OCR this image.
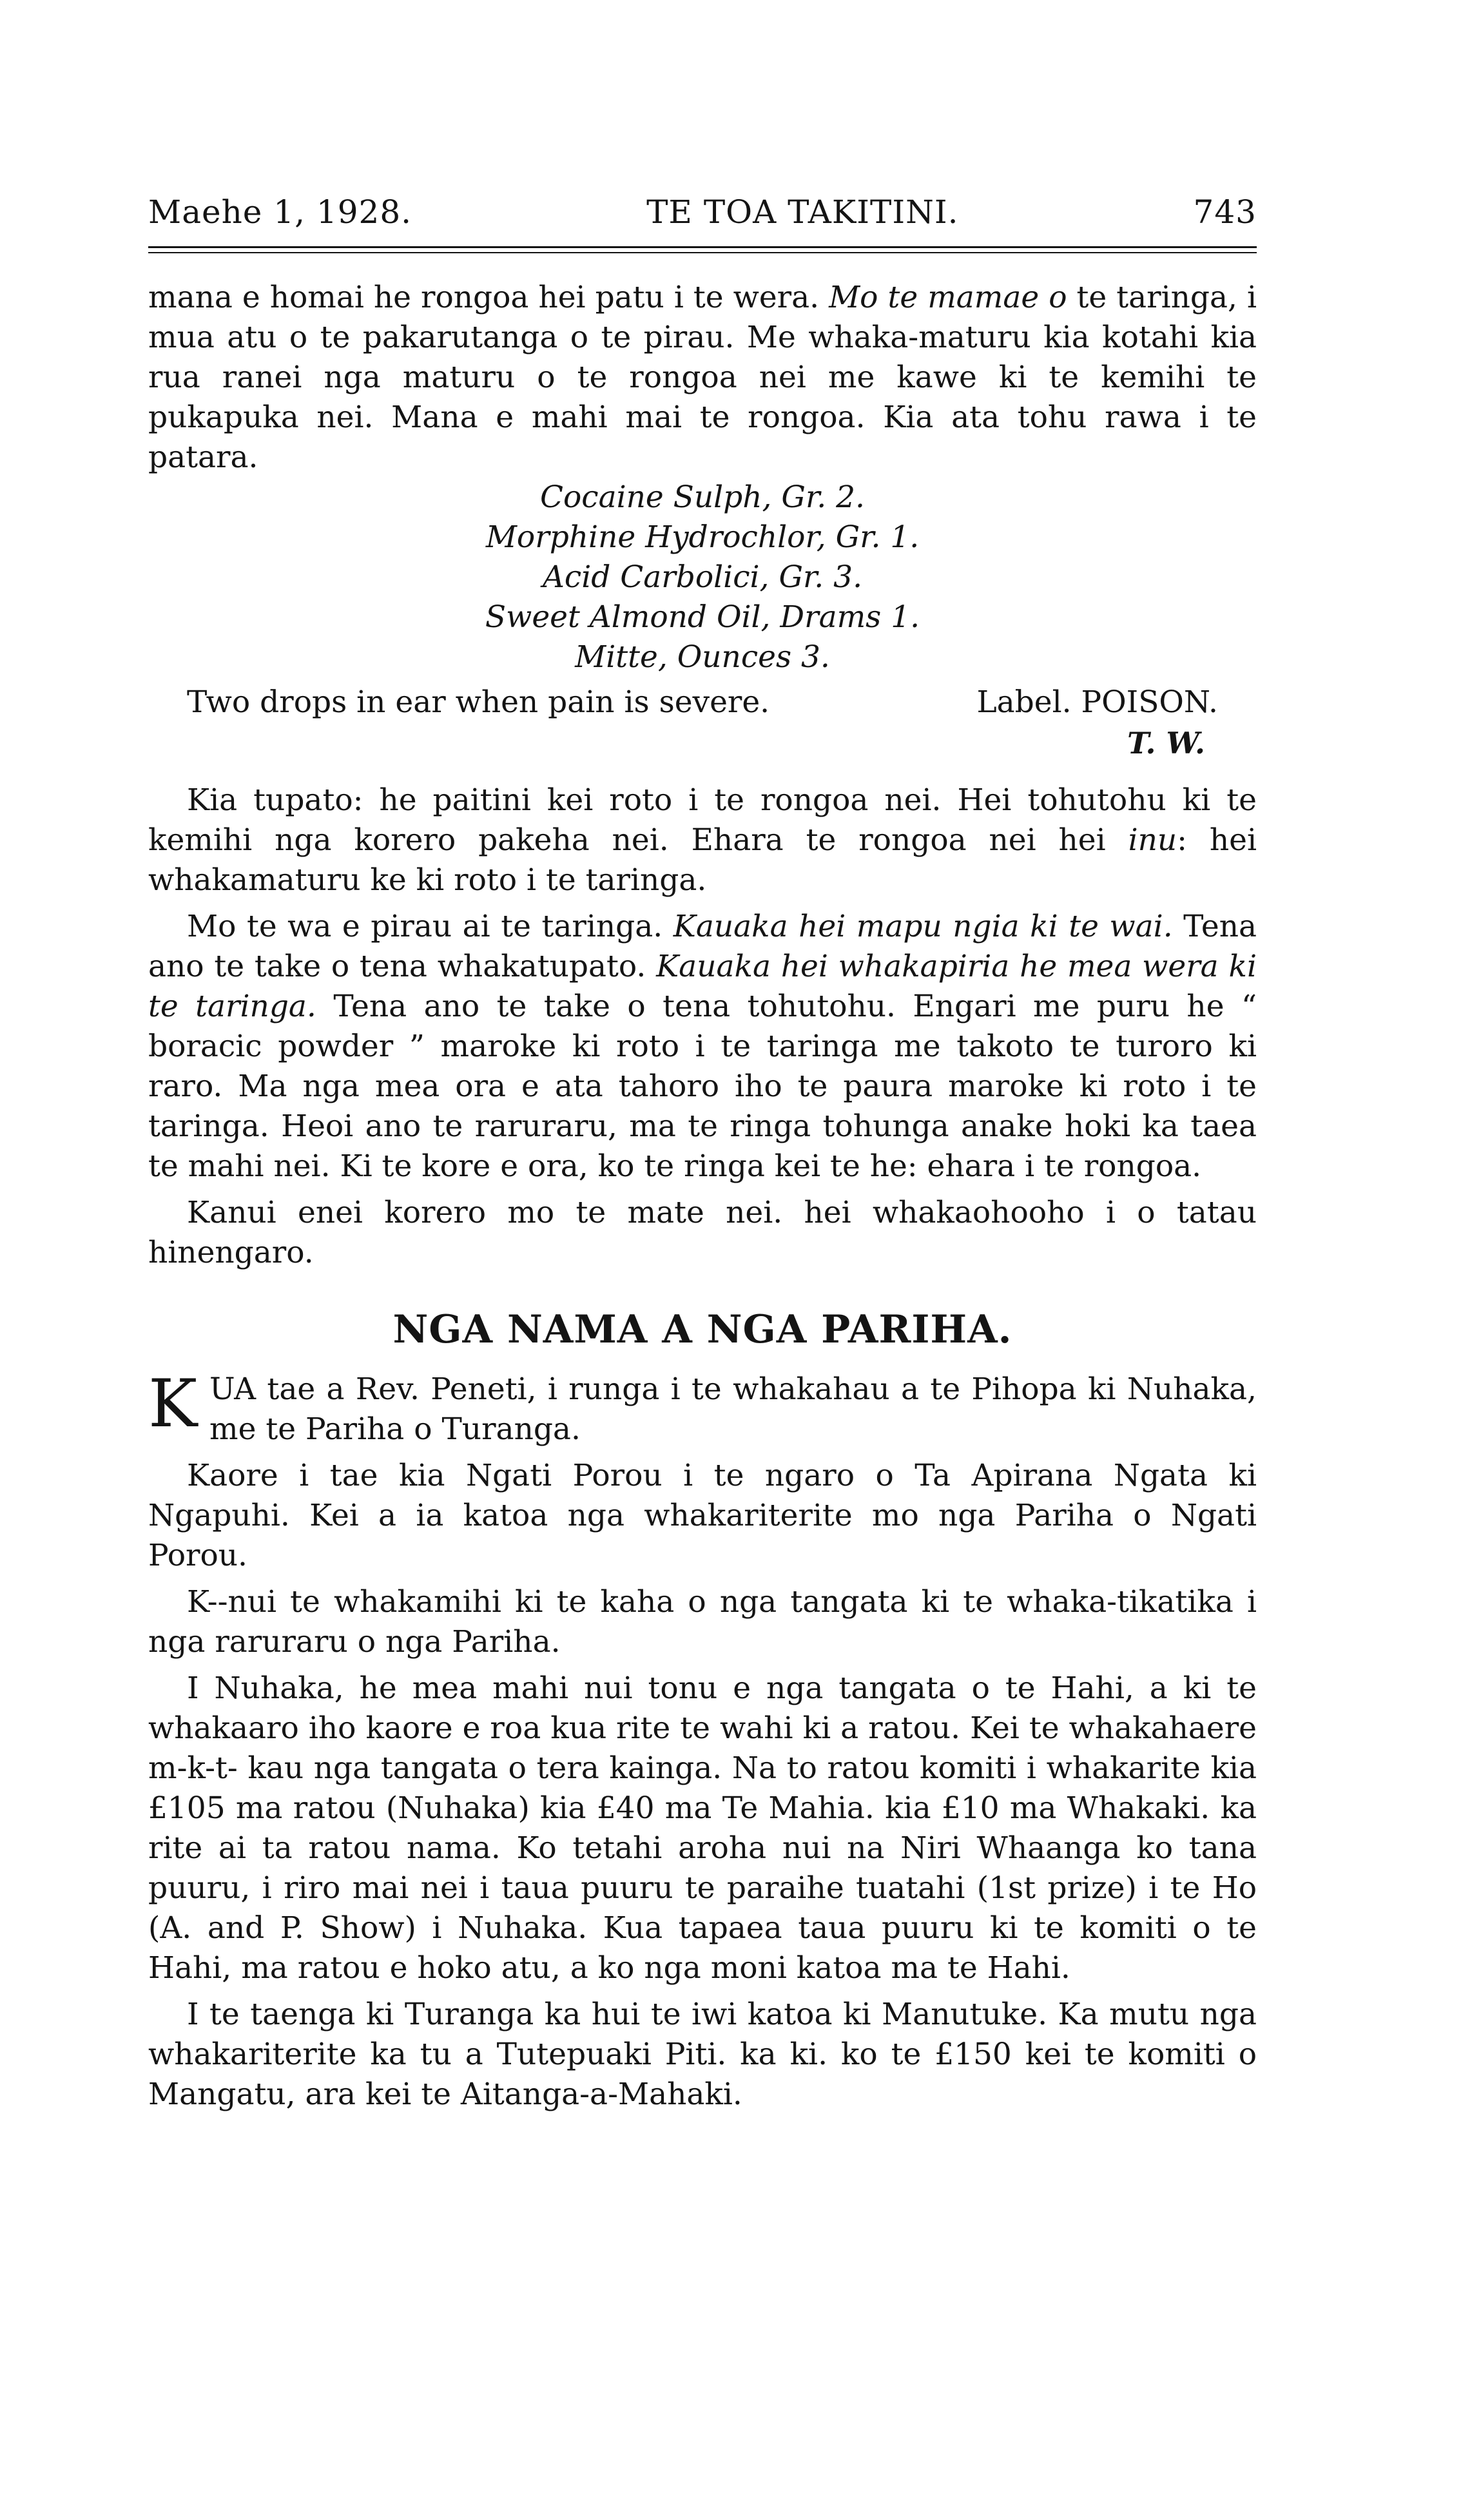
Maehe 1, 1928.	TE TOA TAKITINI.	743

mana e homai he rongoa hei patu i te wera. Mo te mamae o te taringa, i mua atu o te pakarutanga o te pirau. Me whaka-maturu kia kotahi kia rua ranei nga maturu o te rongoa nei me kawe ki te kemihi te pukapuka nei. Mana e mahi mai te rongoa. Kia ata tohu rawa i te patara.

Cocaine Sulph, Gr. 2.

Morphine Hydrochlor, Gr. 1.

Acid Carbolici, Gr. 3.

Sweet Almond Oil, Drams 1.

Mitte, Ounces 3.

Two drops in ear when pain is severe.	Label. POISON.

T. W.

Kia tupato: he paitini kei roto i te rongoa nei. Hei tohutohu ki te kemihi nga korero pakeha nei. Ehara te rongoa nei hei inu: hei whakamaturu ke ki roto i te taringa.

Mo te wa e pirau ai te taringa. Kauaka hei mapu ngia ki te wai. Tena ano te take o tena whakatupato. Kauaka hei whakapiria he mea wera ki te taringa. Tena ano te take o tena tohutohu. Engari me puru he “ boracic powder ” maroke ki roto i te taringa me takoto te turoro ki raro. Ma nga mea ora e ata tahoro iho te paura maroke ki roto i te taringa. Heoi ano te raruraru, ma te ringa tohunga anake hoki ka taea te mahi nei. Ki te kore e ora, ko te ringa kei te he: ehara i te rongoa.

Kanui enei korero mo te mate nei. hei whakaohooho i o tatau hinengaro.

NGA NAMA A NGA PARIHA.

K UA tae a Rev. Peneti, i runga i te whakahau a te Pihopa ki Nuhaka, me te Pariha o Turanga.

Kaore i tae kia Ngati Porou i te ngaro o Ta Apirana Ngata ki Ngapuhi. Kei a ia katoa nga whakariterite mo nga Pariha o Ngati Porou.

K--nui te whakamihi ki te kaha o nga tangata ki te whaka-tikatika i nga raruraru o nga Pariha.

I Nuhaka, he mea mahi nui tonu e nga tangata o te Hahi, a ki te whakaaro iho kaore e roa kua rite te wahi ki a ratou. Kei te whakahaere m-k-t- kau nga tangata o tera kainga. Na to ratou komiti i whakarite kia £105 ma ratou (Nuhaka) kia £40 ma Te Mahia. kia £10 ma Whakaki. ka rite ai ta ratou nama. Ko tetahi aroha nui na Niri Whaanga ko tana puuru, i riro mai nei i taua puuru te paraihe tuatahi (1st prize) i te Ho (A. and P. Show) i Nuhaka. Kua tapaea taua puuru ki te komiti o te Hahi, ma ratou e hoko atu, a ko nga moni katoa ma te Hahi.

I te taenga ki Turanga ka hui te iwi katoa ki Manutuke. Ka mutu nga whakariterite ka tu a Tutepuaki Piti. ka ki. ko te £150 kei te komiti o Mangatu, ara kei te Aitanga-a-Mahaki.
